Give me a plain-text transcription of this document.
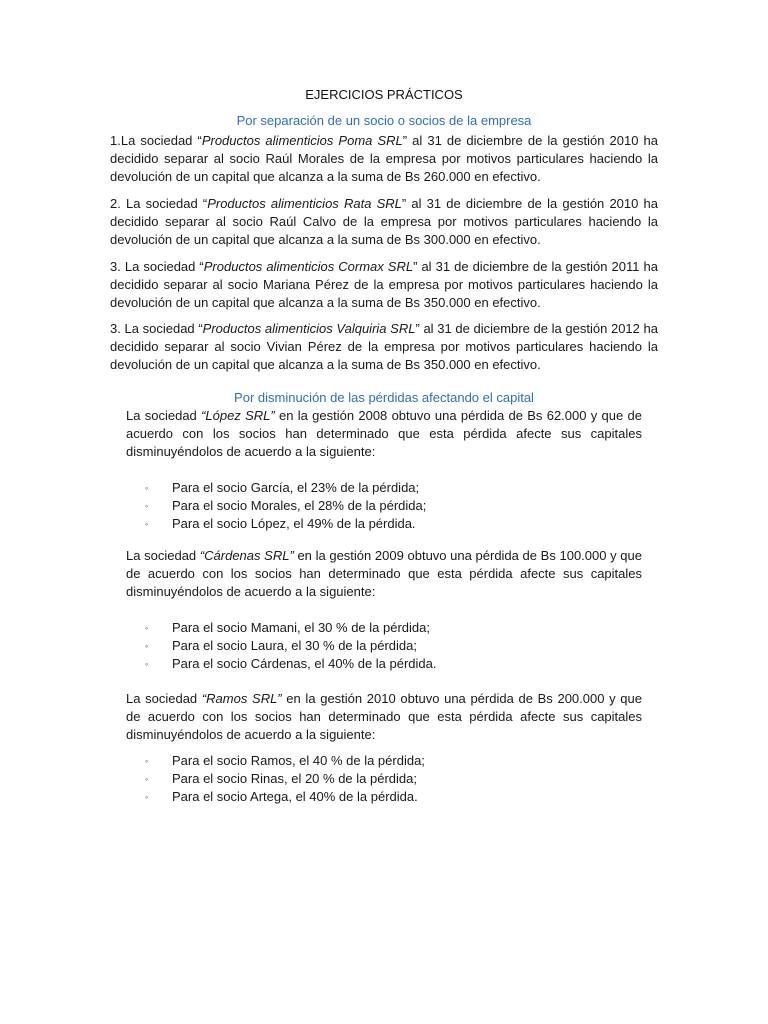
EJERCICIOS PRÁCTICOS
Por separación de un socio o socios de la empresa

1.La sociedad “Productos alimenticios Poma SRL” al 31 de diciembre de la gestión 2010 ha decidido separar al socio Raúl Morales de la empresa por motivos particulares haciendo la devolución de un capital que alcanza a la suma de Bs 260.000 en efectivo.

2. La sociedad “Productos alimenticios Rata SRL” al 31 de diciembre de la gestión 2010 ha decidido separar al socio Raúl Calvo de la empresa por motivos particulares haciendo la devolución de un capital que alcanza a la suma de Bs 300.000 en efectivo.

3. La sociedad “Productos alimenticios Cormax SRL” al 31 de diciembre de la gestión 2011 ha decidido separar al socio Mariana Pérez de la empresa por motivos particulares haciendo la devolución de un capital que alcanza a la suma de Bs 350.000 en efectivo.

3. La sociedad “Productos alimenticios Valquiria SRL” al 31 de diciembre de la gestión 2012 ha decidido separar al socio Vivian Pérez de la empresa por motivos particulares haciendo la devolución de un capital que alcanza a la suma de Bs 350.000 en efectivo.

Por disminución de las pérdidas afectando el capital

La sociedad “López SRL” en la gestión 2008 obtuvo una pérdida de Bs 62.000 y que de acuerdo con los socios han determinado que esta pérdida afecte sus capitales disminuyéndolos de acuerdo a la siguiente:

◦ Para el socio García, el 23% de la pérdida;
◦ Para el socio Morales, el 28% de la pérdida;
◦ Para el socio López, el 49% de la pérdida.

La sociedad “Cárdenas SRL” en la gestión 2009 obtuvo una pérdida de Bs 100.000 y que de acuerdo con los socios han determinado que esta pérdida afecte sus capitales disminuyéndolos de acuerdo a la siguiente:

◦ Para el socio Mamani, el 30 % de la pérdida;
◦ Para el socio Laura, el 30 % de la pérdida;
◦ Para el socio Cárdenas, el 40% de la pérdida.

La sociedad “Ramos SRL” en la gestión 2010 obtuvo una pérdida de Bs 200.000 y que de acuerdo con los socios han determinado que esta pérdida afecte sus capitales disminuyéndolos de acuerdo a la siguiente:

◦ Para el socio Ramos, el 40 % de la pérdida;
◦ Para el socio Rinas, el 20 % de la pérdida;
◦ Para el socio Artega, el 40% de la pérdida.
